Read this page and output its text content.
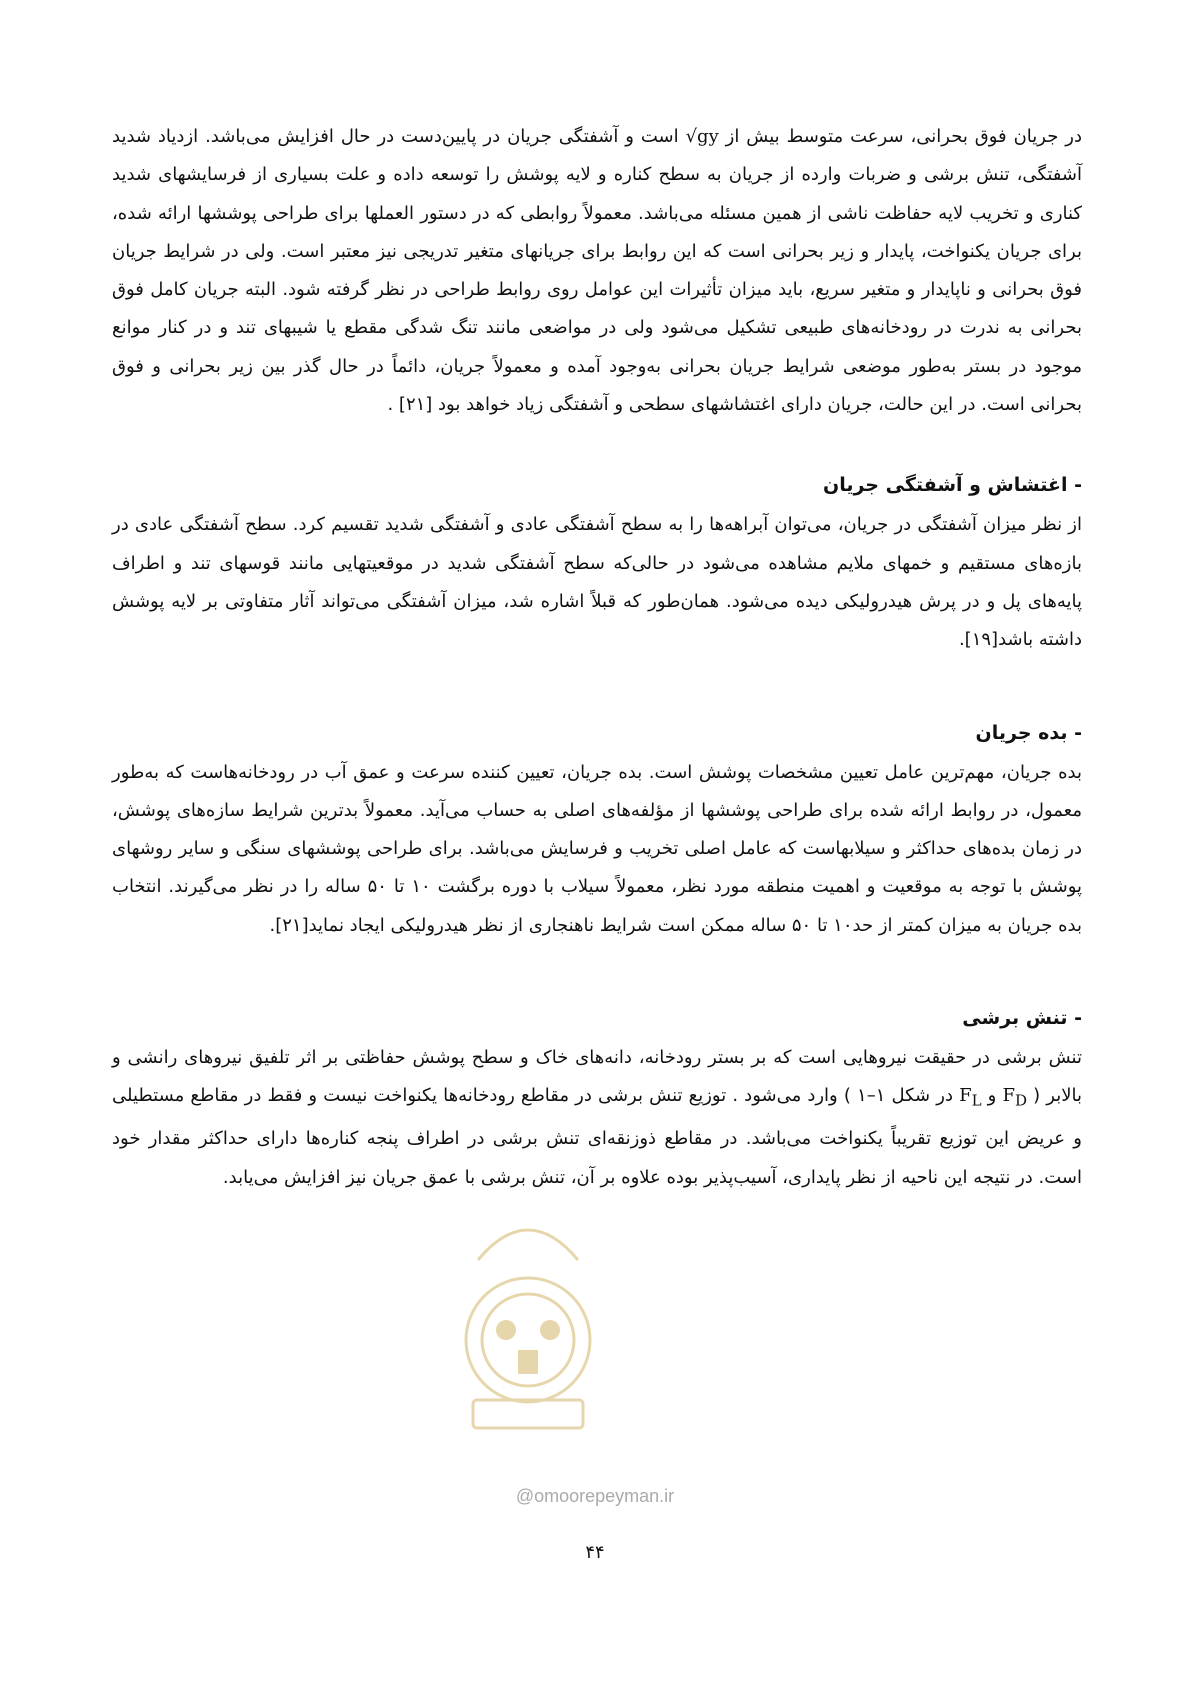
در جریان فوق بحرانی، سرعت متوسط بیش از √gy است و آشفتگی جریان در پایین‌دست در حال افزایش می‌باشد. ازدیاد شدید آشفتگی، تنش برشی و ضربات وارده از جریان به سطح کناره و لایه پوشش را توسعه داده و علت بسیاری از فرسایشهای شدید کناری و تخریب لایه حفاظت ناشی از همین مسئله می‌باشد. معمولاً روابطی که در دستور العملها برای طراحی پوششها ارائه شده، برای جریان یکنواخت، پایدار و زیر بحرانی است که این روابط برای جریانهای متغیر تدریجی نیز معتبر است. ولی در شرایط جریان فوق بحرانی و ناپایدار و متغیر سریع، باید میزان تأثیرات این عوامل روی روابط طراحی در نظر گرفته شود. البته جریان کامل فوق بحرانی به ندرت در رودخانه‌های طبیعی تشکیل می‌شود ولی در مواضعی مانند تنگ شدگی مقطع یا شیبهای تند و در کنار موانع موجود در بستر به‌طور موضعی شرایط جریان بحرانی به‌وجود آمده و معمولاً جریان، دائماً در حال گذر بین زیر بحرانی و فوق بحرانی است. در این حالت، جریان دارای اغتشاشهای سطحی و آشفتگی زیاد خواهد بود [۲۱] .

- اغتشاش و آشفتگی جریان

از نظر میزان آشفتگی در جریان، می‌توان آبراهه‌ها را به سطح آشفتگی عادی و آشفتگی شدید تقسیم کرد. سطح آشفتگی عادی در بازه‌های مستقیم و خمهای ملایم مشاهده می‌شود در حالی‌که سطح آشفتگی شدید در موقعیتهایی مانند قوسهای تند و اطراف پایه‌های پل و در پرش هیدرولیکی دیده می‌شود. همان‌طور که قبلاً اشاره شد، میزان آشفتگی می‌تواند آثار متفاوتی بر لایه پوشش داشته باشد[۱۹].

- بده جریان

بده جریان، مهم‌ترین عامل تعیین مشخصات پوشش است. بده جریان، تعیین کننده سرعت و عمق آب در رودخانه‌هاست که به‌طور معمول، در روابط ارائه شده برای طراحی پوششها از مؤلفه‌های اصلی به حساب می‌آید. معمولاً بدترین شرایط سازه‌های پوشش، در زمان بده‌های حداکثر و سیلابهاست که عامل اصلی تخریب و فرسایش می‌باشد. برای طراحی پوششهای سنگی و سایر روشهای پوشش با توجه به موقعیت و اهمیت منطقه مورد نظر، معمولاً سیلاب با دوره برگشت ۱۰ تا ۵۰ ساله را در نظر می‌گیرند. انتخاب بده جریان به میزان کمتر از حد۱۰ تا ۵۰ ساله ممکن است شرایط ناهنجاری از نظر هیدرولیکی ایجاد نماید[۲۱].

- تنش برشی

تنش برشی در حقیقت نیروهایی است که بر بستر رودخانه، دانه‌های خاک و سطح پوشش حفاظتی بر اثر تلفیق نیروهای رانشی و بالابر ( $F_D$ و $F_L$ در شکل ۱–۱ ) وارد می‌شود . توزیع تنش برشی در مقاطع رودخانه‌ها یکنواخت نیست و فقط در مقاطع مستطیلی و عریض این توزیع تقریباً یکنواخت می‌باشد. در مقاطع ذوزنقه‌ای تنش برشی در اطراف پنجه کناره‌ها دارای حداکثر مقدار خود است. در نتیجه این ناحیه از نظر پایداری، آسیب‌پذیر بوده علاوه بر آن، تنش برشی با عمق جریان نیز افزایش می‌یابد.

@omoorepeyman.ir
۴۴
